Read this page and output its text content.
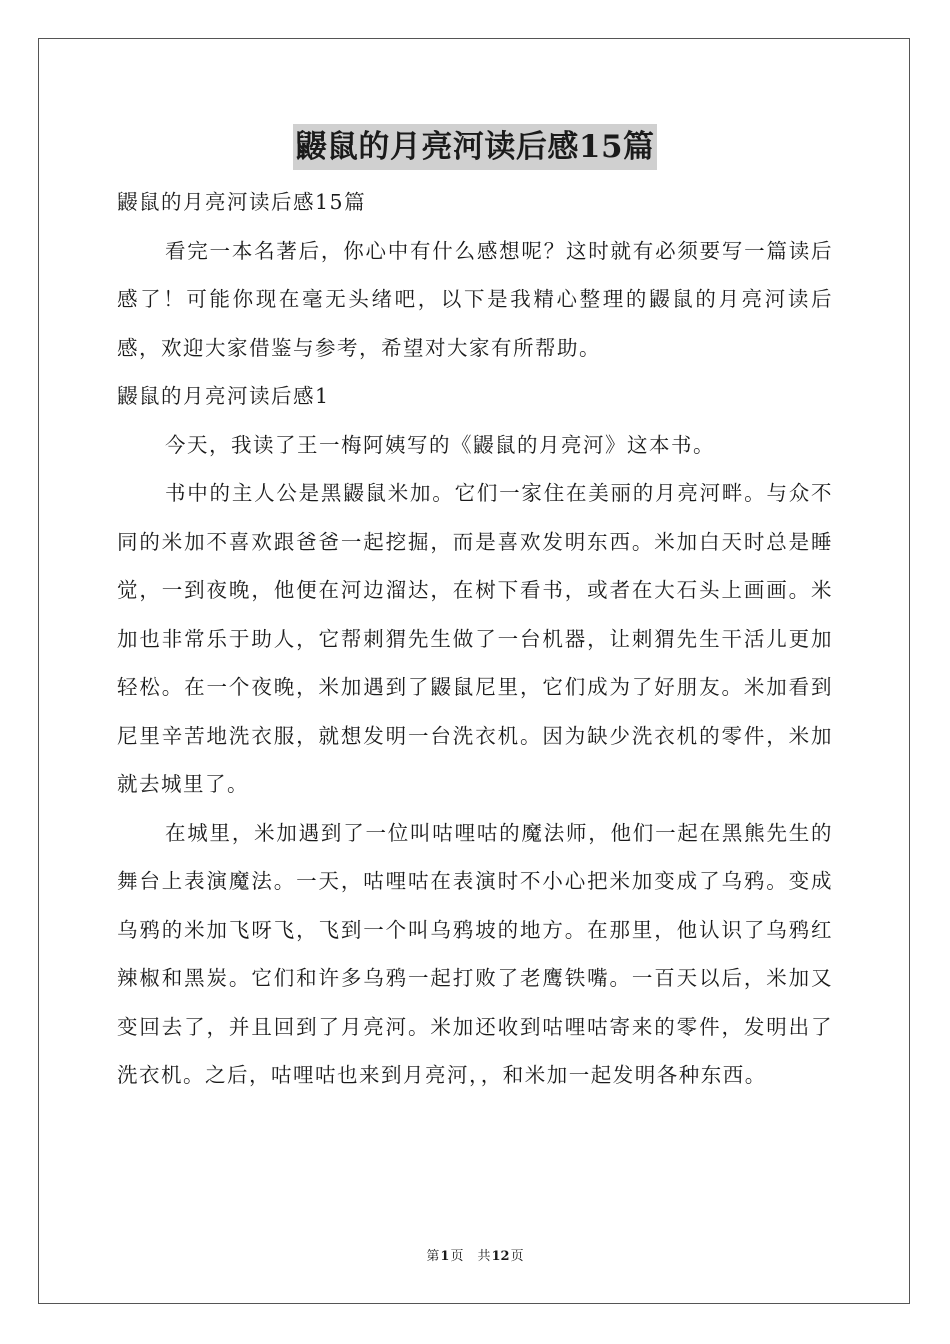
鼹鼠的月亮河读后感15篇

鼹鼠的月亮河读后感15篇

看完一本名著后，你心中有什么感想呢？这时就有必须要写一篇读后感了！可能你现在毫无头绪吧，以下是我精心整理的鼹鼠的月亮河读后感，欢迎大家借鉴与参考，希望对大家有所帮助。

鼹鼠的月亮河读后感1

今天，我读了王一梅阿姨写的《鼹鼠的月亮河》这本书。

书中的主人公是黑鼹鼠米加。它们一家住在美丽的月亮河畔。与众不同的米加不喜欢跟爸爸一起挖掘，而是喜欢发明东西。米加白天时总是睡觉，一到夜晚，他便在河边溜达，在树下看书，或者在大石头上画画。米加也非常乐于助人，它帮刺猬先生做了一台机器，让刺猬先生干活儿更加轻松。在一个夜晚，米加遇到了鼹鼠尼里，它们成为了好朋友。米加看到尼里辛苦地洗衣服，就想发明一台洗衣机。因为缺少洗衣机的零件，米加就去城里了。

在城里，米加遇到了一位叫咕哩咕的魔法师，他们一起在黑熊先生的舞台上表演魔法。一天，咕哩咕在表演时不小心把米加变成了乌鸦。变成乌鸦的米加飞呀飞，飞到一个叫乌鸦坡的地方。在那里，他认识了乌鸦红辣椒和黑炭。它们和许多乌鸦一起打败了老鹰铁嘴。一百天以后，米加又变回去了，并且回到了月亮河。米加还收到咕哩咕寄来的零件，发明出了洗衣机。之后，咕哩咕也来到月亮河，，和米加一起发明各种东西。

第1页 共12页
